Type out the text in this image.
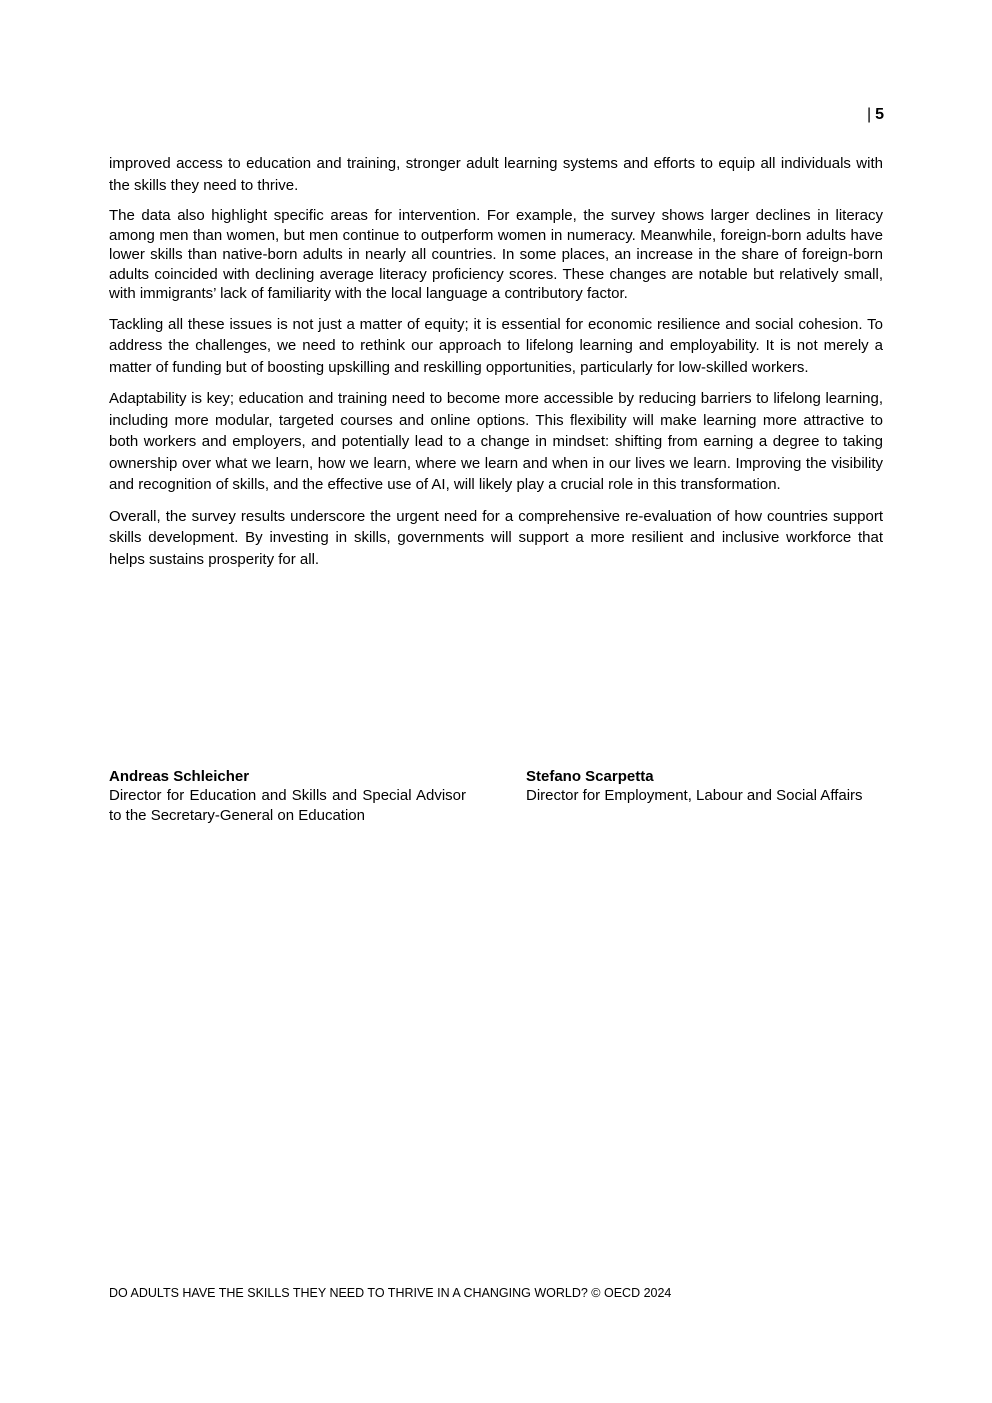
| 5

improved access to education and training, stronger adult learning systems and efforts to equip all individuals with the skills they need to thrive.

The data also highlight specific areas for intervention. For example, the survey shows larger declines in literacy among men than women, but men continue to outperform women in numeracy. Meanwhile, foreign-born adults have lower skills than native-born adults in nearly all countries. In some places, an increase in the share of foreign-born adults coincided with declining average literacy proficiency scores. These changes are notable but relatively small, with immigrants’ lack of familiarity with the local language a contributory factor.

Tackling all these issues is not just a matter of equity; it is essential for economic resilience and social cohesion. To address the challenges, we need to rethink our approach to lifelong learning and employability. It is not merely a matter of funding but of boosting upskilling and reskilling opportunities, particularly for low-skilled workers.

Adaptability is key; education and training need to become more accessible by reducing barriers to lifelong learning, including more modular, targeted courses and online options. This flexibility will make learning more attractive to both workers and employers, and potentially lead to a change in mindset: shifting from earning a degree to taking ownership over what we learn, how we learn, where we learn and when in our lives we learn. Improving the visibility and recognition of skills, and the effective use of AI, will likely play a crucial role in this transformation.

Overall, the survey results underscore the urgent need for a comprehensive re-evaluation of how countries support skills development. By investing in skills, governments will support a more resilient and inclusive workforce that helps sustains prosperity for all.

Andreas Schleicher
Director for Education and Skills and Special Advisor to the Secretary-General on Education
Stefano Scarpetta
Director for Employment, Labour and Social Affairs
DO ADULTS HAVE THE SKILLS THEY NEED TO THRIVE IN A CHANGING WORLD? © OECD 2024
